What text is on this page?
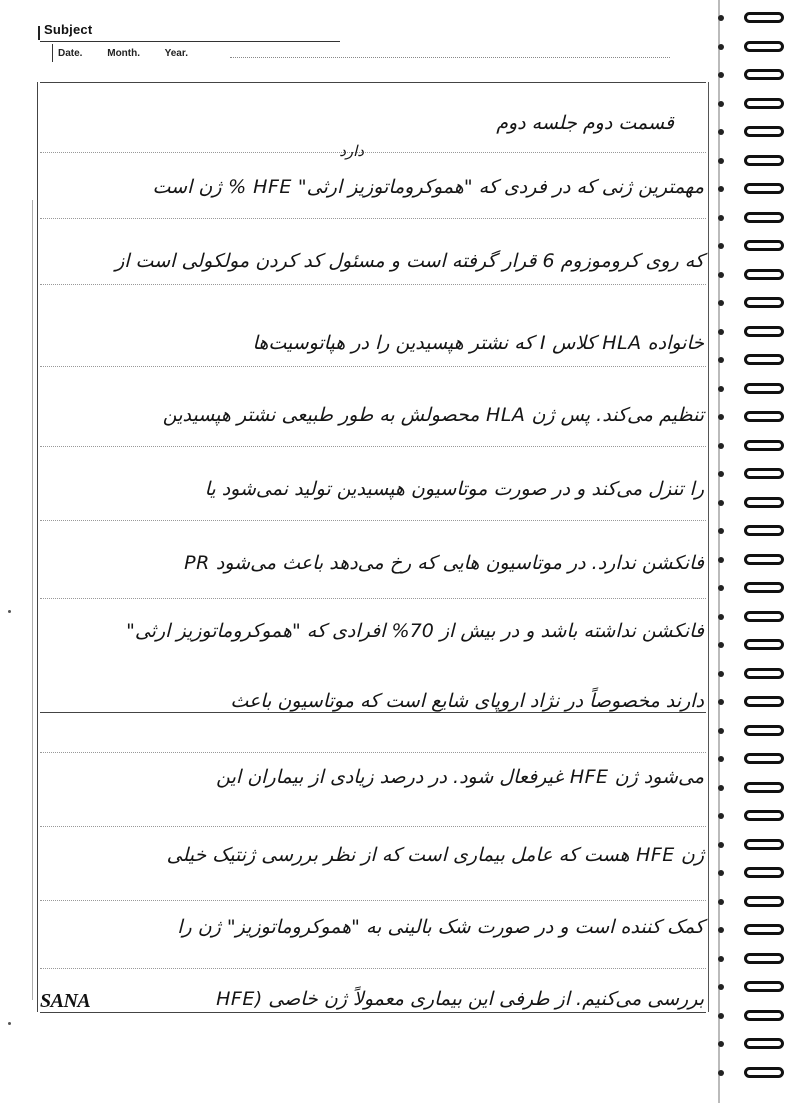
Subject
Date. Month. Year.
قسمت دوم جلسه دوم
دارد
مهمترین ژنی که در فردی که "هموکروماتوزیز ارثی" HFE % ژن است
که روی کروموزوم 6 قرار گرفته است و مسئول کد کردن مولکولی است از
خانواده HLA کلاس I که نشتر هپسیدین را در هپاتوسیت‌ها
تنظیم می‌کند. پس ژن HLA محصولش به طور طبیعی نشتر هپسیدین
را تنزل می‌کند و در صورت موتاسیون هپسیدین تولید نمی‌شود یا
فانکشن ندارد. در موتاسیون هایی که رخ می‌دهد باعث می‌شود PR
فانکشن نداشته باشد و در بیش از 70% افرادی که "هموکروماتوزیز ارثی"
دارند مخصوصاً در نژاد اروپای شایع است که موتاسیون باعث
می‌شود ژن HFE غیرفعال شود. در درصد زیادی از بیماران این
ژن HFE هست که عامل بیماری است که از نظر بررسی ژنتیک خیلی
کمک کننده است و در صورت شک بالینی به "هموکروماتوزیز" ژن را
بررسی می‌کنیم. از طرفی این بیماری معمولاً ژن خاصی (HFE
SANA
